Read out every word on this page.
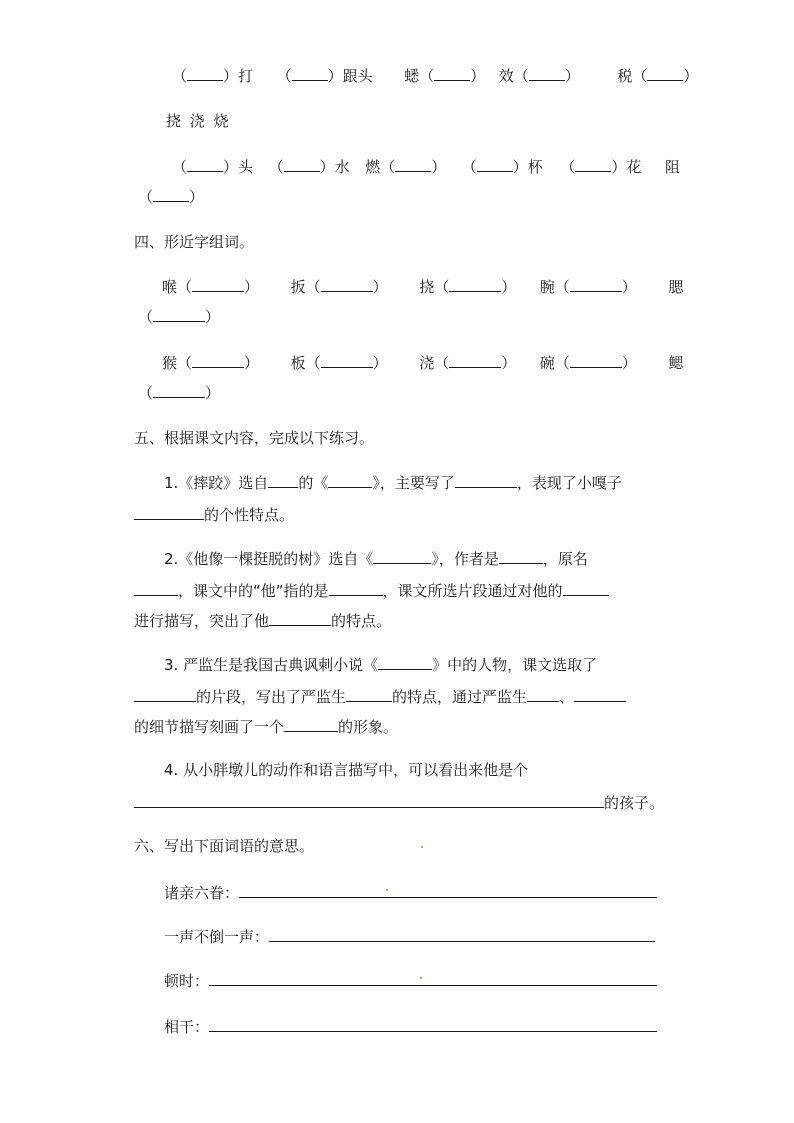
（ ）打 （ ）跟头 蟋（ ） 效（ ）	税（ ）
挠 浇 烧
（ ）头 （ ）水 燃（ ） （ ）杯 （ ）花 阻
（ ）
四、形近字组词。
喉（	） 扳（	） 挠（	） 腕（	） 腮
（	）
猴（	） 板（	） 浇（	） 碗（	） 鳃
（	）
五、根据课文内容，完成以下练习。
1.《摔跤》选自 的《	》，主要写了	，表现了小嘎子
的个性特点。
2.《他像一棵挺脱的树》选自《	》，作者是	，原名
，课文中的“他”指的是	，课文所选片段通过对他的
进行描写，突出了他	的特点。
3. 严监生是我国古典讽刺小说《	》中的人物，课文选取了
的片段，写出了严监生	的特点，通过严监生 、
的细节描写刻画了一个	的形象。
4. 从小胖墩儿的动作和语言描写中，可以看出来他是个
的孩子。
六、写出下面词语的意思。
诸亲六眷：
一声不倒一声：
顿时：
相干：
